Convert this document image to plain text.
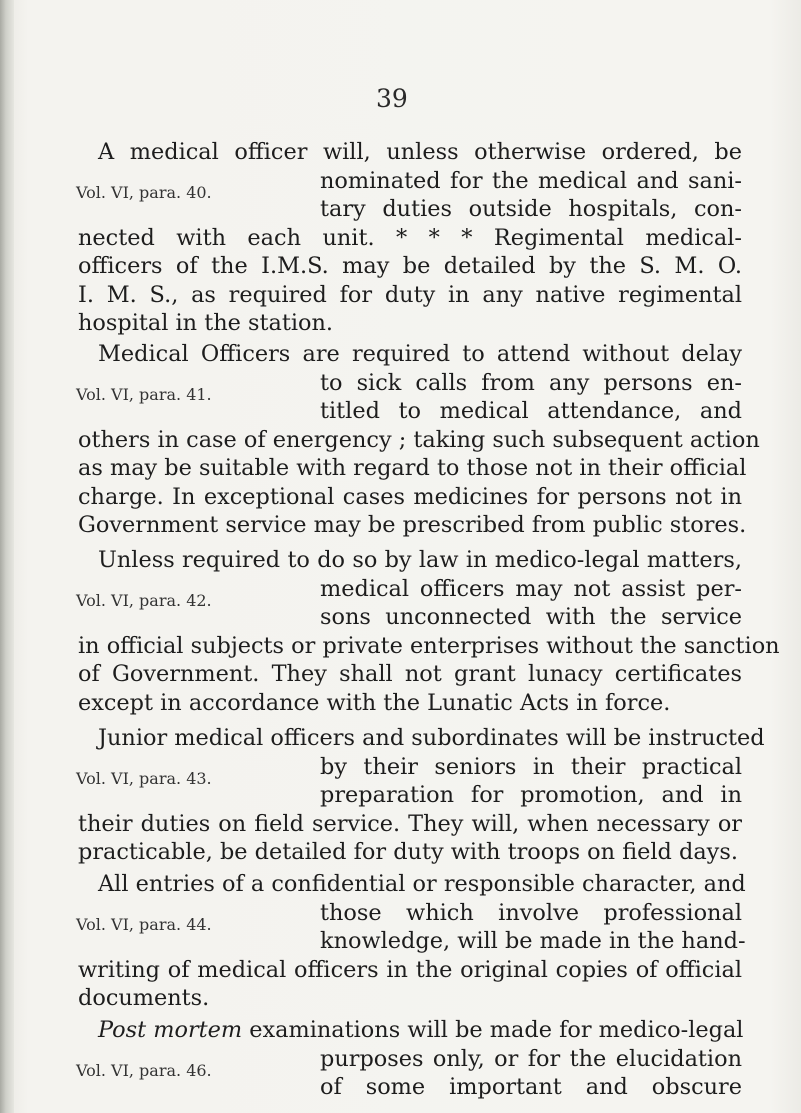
39
A medical officer will, unless otherwise ordered, be
Vol. VI, para. 40.	nominated for the medical and sani-
tary duties outside hospitals, con-
nected with each unit. * * * Regimental medical-
officers of the I.M.S. may be detailed by the S. M. O.
I. M. S., as required for duty in any native regimental
hospital in the station.
Medical Officers are required to attend without delay
Vol. VI, para. 41.	to sick calls from any persons en-
titled to medical attendance, and
others in case of energency ; taking such subsequent action
as may be suitable with regard to those not in their official
charge. In exceptional cases medicines for persons not in
Government service may be prescribed from public stores.
Unless required to do so by law in medico-legal matters,
Vol. VI, para. 42.	medical officers may not assist per-
sons unconnected with the service
in official subjects or private enterprises without the sanction
of Government. They shall not grant lunacy certificates
except in accordance with the Lunatic Acts in force.
Junior medical officers and subordinates will be instructed
Vol. VI, para. 43.	by their seniors in their practical
preparation for promotion, and in
their duties on field service. They will, when necessary or
practicable, be detailed for duty with troops on field days.
All entries of a confidential or responsible character, and
Vol. VI, para. 44.	those which involve professional
knowledge, will be made in the hand-
writing of medical officers in the original copies of official
documents.
Post mortem examinations will be made for medico-legal
Vol. VI, para. 46.	purposes only, or for the elucidation
of some important and obscure
